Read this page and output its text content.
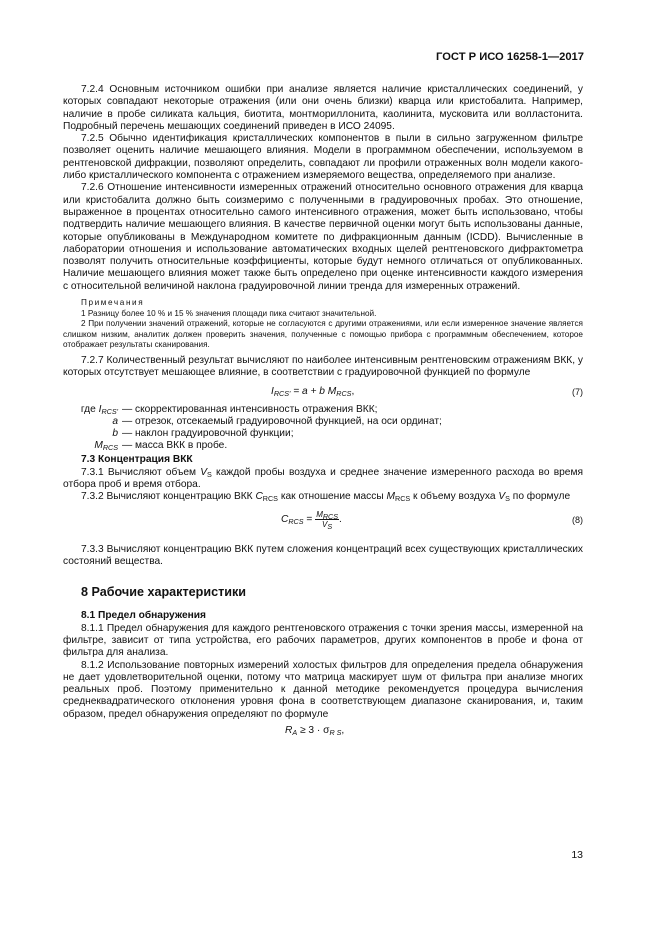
ГОСТ Р ИСО 16258-1—2017

7.2.4 Основным источником ошибки при анализе является наличие кристаллических соединений, у которых совпадают некоторые отражения (или они очень близки) кварца или кристобалита. Например, наличие в пробе силиката кальция, биотита, монтмориллонита, каолинита, мусковита или волластонита. Подробный перечень мешающих соединений приведен в ИСО 24095.

7.2.5 Обычно идентификация кристаллических компонентов в пыли в сильно загруженном фильтре позволяет оценить наличие мешающего влияния. Модели в программном обеспечении, используемом в рентгеновской дифракции, позволяют определить, совпадают ли профили отраженных волн модели какого-либо кристаллического компонента с отражением измеряемого вещества, определяемого при анализе.

7.2.6 Отношение интенсивности измеренных отражений относительно основного отражения для кварца или кристобалита должно быть соизмеримо с полученными в градуировочных пробах. Это отношение, выраженное в процентах относительно самого интенсивного отражения, может быть использовано, чтобы подтвердить наличие мешающего влияния. В качестве первичной оценки могут быть использованы данные, которые опубликованы в Международном комитете по дифракционным данным (ICDD). Вычисленные в лаборатории отношения и использование автоматических входных щелей рентгеновского дифрактометра позволят получить относительные коэффициенты, которые будут немного отличаться от опубликованных. Наличие мешающего влияния может также быть определено при оценке интенсивности каждого измерения с относительной величиной наклона градуировочной линии тренда для измеренных отражений.

Примечания
1 Разницу более 10 % и 15 % значения площади пика считают значительной.
2 При получении значений отражений, которые не согласуются с другими отражениями, или если измеренное значение является слишком низким, аналитик должен проверить значения, полученные с помощью прибора с программным обеспечением, которое отображает результаты сканирования.

7.2.7 Количественный результат вычисляют по наиболее интенсивным рентгеновским отражениям ВКК, у которых отсутствует мешающее влияние, в соответствии с градуировочной функцией по формуле

$I_{RCS'} = a + b$ $M_{RCS}$,	(7)
где $I_{RCS'}$ — скорректированная интенсивность отражения ВКК;
a — отрезок, отсекаемый градуировочной функцией, на оси ординат;
b — наклон градуировочной функции;
$M_{RCS}$ — масса ВКК в пробе.
7.3 Концентрация ВКК

7.3.1 Вычисляют объем $V_S$ каждой пробы воздуха и среднее значение измеренного расхода во время отбора проб и время отбора.

7.3.2 Вычисляют концентрацию ВКК $C_{RCS}$ как отношение массы $M_{RCS}$ к объему воздуха $V_S$ по формуле

$C_{RCS} = \frac{M_{RCS}}{V_S}$ .	(8)

7.3.3 Вычисляют концентрацию ВКК путем сложения концентраций всех существующих кристаллических состояний вещества.

8 Рабочие характеристики
8.1 Предел обнаружения

8.1.1 Предел обнаружения для каждого рентгеновского отражения с точки зрения массы, измеренной на фильтре, зависит от типа устройства, его рабочих параметров, других компонентов в пробе и фона от фильтра для анализа.

8.1.2 Использование повторных измерений холостых фильтров для определения предела обнаружения не дает удовлетворительной оценки, потому что матрица маскирует шум от фильтра при анализе многих реальных проб. Поэтому применительно к данной методике рекомендуется процедура вычисления среднеквадратического отклонения уровня фона в соответствующем диапазоне сканирования, и, таким образом, предел обнаружения определяют по формуле

$R_A \ge 3 \cdot \sigma_{R S}$,
13
